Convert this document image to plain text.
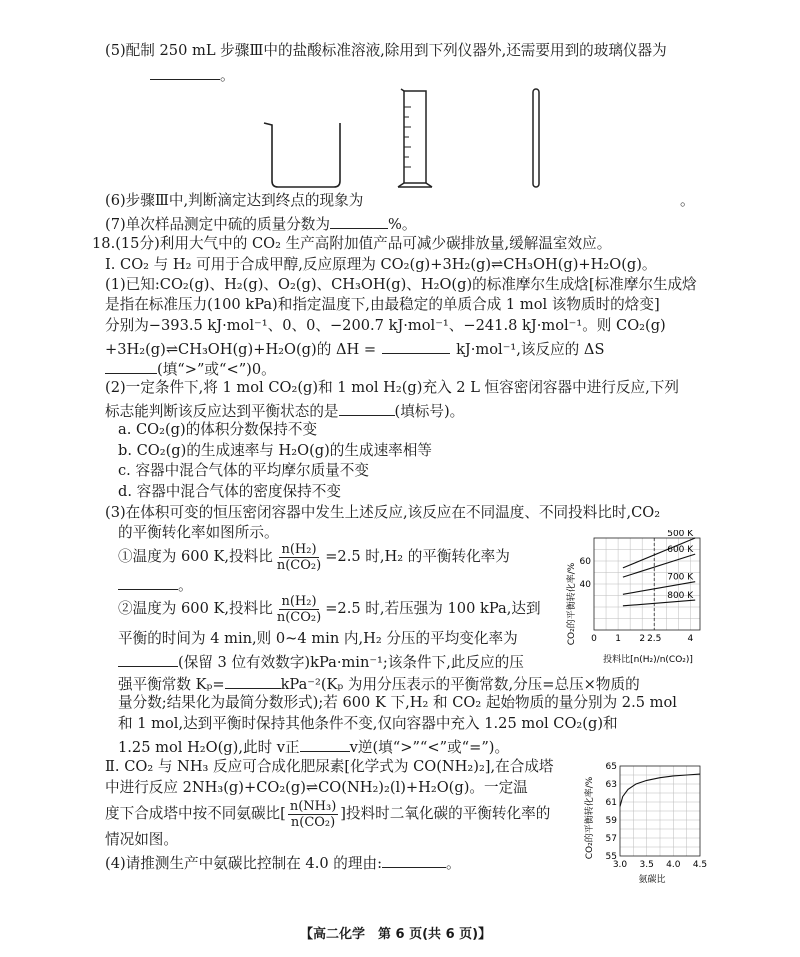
(5)配制 250 mL 步骤Ⅲ中的盐酸标准溶液,除用到下列仪器外,还需要用到的玻璃仪器为
。
(6)步骤Ⅲ中,判断滴定达到终点的现象为	。
(7)单次样品测定中硫的质量分数为	%。
18.(15分)利用大气中的 CO₂ 生产高附加值产品可减少碳排放量,缓解温室效应。
Ⅰ. CO₂ 与 H₂ 可用于合成甲醇,反应原理为 CO₂(g)+3H₂(g)⇌CH₃OH(g)+H₂O(g)。
(1)已知:CO₂(g)、H₂(g)、O₂(g)、CH₃OH(g)、H₂O(g)的标准摩尔生成焓[标准摩尔生成焓
是指在标准压力(100 kPa)和指定温度下,由最稳定的单质合成 1 mol 该物质时的焓变]
分别为−393.5 kJ·mol⁻¹、0、0、−200.7 kJ·mol⁻¹、−241.8 kJ·mol⁻¹。则 CO₂(g)
+3H₂(g)⇌CH₃OH(g)+H₂O(g)的 ΔH =	kJ·mol⁻¹,该反应的 ΔS
(填“>”或“<”)0。
(2)一定条件下,将 1 mol CO₂(g)和 1 mol H₂(g)充入 2 L 恒容密闭容器中进行反应,下列
标志能判断该反应达到平衡状态的是	(填标号)。
a. CO₂(g)的体积分数保持不变
b. CO₂(g)的生成速率与 H₂O(g)的生成速率相等
c. 容器中混合气体的平均摩尔质量不变
d. 容器中混合气体的密度保持不变
(3)在体积可变的恒压密闭容器中发生上述反应,该反应在不同温度、不同投料比时,CO₂
的平衡转化率如图所示。
①温度为 600 K,投料比 $\frac{\text{n(H₂)}}{\text{n(CO₂)}} =2.5$ 时,H₂ 的平衡转化率为
。
②温度为 600 K,投料比 $\frac{\text{n(H₂)}}{\text{n(CO₂)}} =2.5$ 时,若压强为 100 kPa,达到
平衡的时间为 4 min,则 0~4 min 内,H₂ 分压的平均变化率为
(保留 3 位有效数字)kPa·min⁻¹;该条件下,此反应的压
强平衡常数 Kₚ=	kPa⁻²(Kₚ 为用分压表示的平衡常数,分压=总压×物质的
量分数;结果化为最简分数形式);若 600 K 下,H₂ 和 CO₂ 起始物质的量分别为 2.5 mol
和 1 mol,达到平衡时保持其他条件不变,仅向容器中充入 1.25 mol CO₂(g)和
1.25 mol H₂O(g),此时 v正	v逆(填“>”“<”或“=”)。
Ⅱ. CO₂ 与 NH₃ 反应可合成化肥尿素[化学式为 CO(NH₂)₂],在合成塔
中进行反应 2NH₃(g)+CO₂(g)⇌CO(NH₂)₂(l)+H₂O(g)。一定温
度下合成塔中按不同氨碳比[ $\frac{\text{n(NH₃)}}{\text{n(CO₂)}}$ ]投料时二氧化碳的平衡转化率的
情况如图。
(4)请推测生产中氨碳比控制在 4.0 的理由:	。
CO₂的平衡转化率/%
投料比[n(H₂)/n(CO₂)]
0 1 2 2.5	4
40
60
500 K
600 K
700 K
800 K
CO₂的平衡转化率/%
氨碳比
3.0 3.5 4.0 4.5
55
57
59
61
63
65
【高二化学　第 6 页(共 6 页)】
